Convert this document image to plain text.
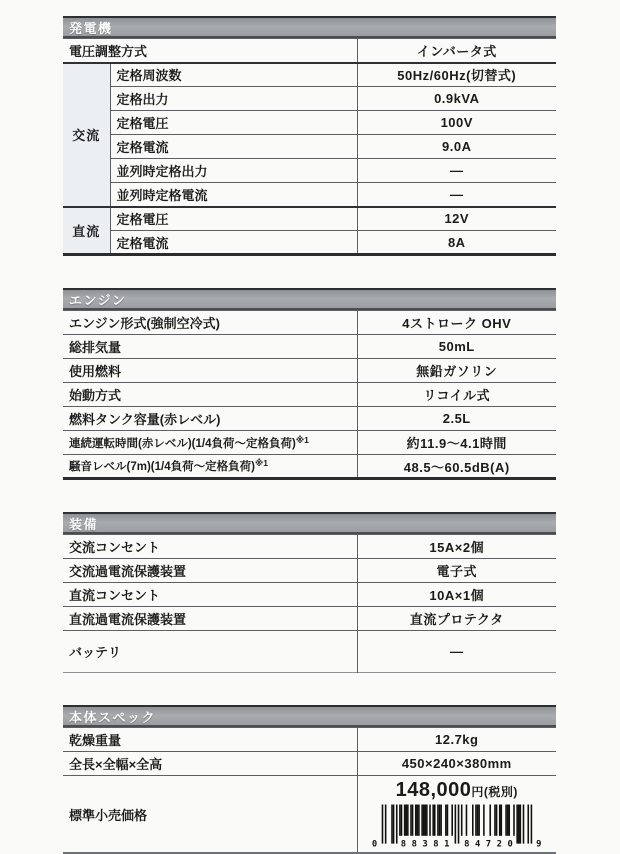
発電機
電圧調整方式		インバータ式
交流	定格周波数	50Hz/60Hz(切替式)
	定格出力	0.9kVA
	定格電圧	100V
	定格電流	9.0A
	並列時定格出力	—
	並列時定格電流	—
直流	定格電圧	12V
	定格電流	8A
エンジン
エンジン形式(強制空冷式)	4ストローク OHV
総排気量	50mL
使用燃料	無鉛ガソリン
始動方式	リコイル式
燃料タンク容量(赤レベル)	2.5L
連続運転時間(赤レベル)(1/4負荷〜定格負荷)$^{※1}$	約11.9〜4.1時間
騒音レベル(7m)(1/4負荷〜定格負荷)$^{※1}$	48.5〜60.5dB(A)
装備
交流コンセント	15A×2個
交流過電流保護装置	電子式
直流コンセント	10A×1個
直流過電流保護装置	直流プロテクタ
バッテリ	—
本体スペック
乾燥重量	12.7kg
全長×全幅×全高	450×240×380mm
標準小売価格	148,000円(税別)
0 88381 84720 9
